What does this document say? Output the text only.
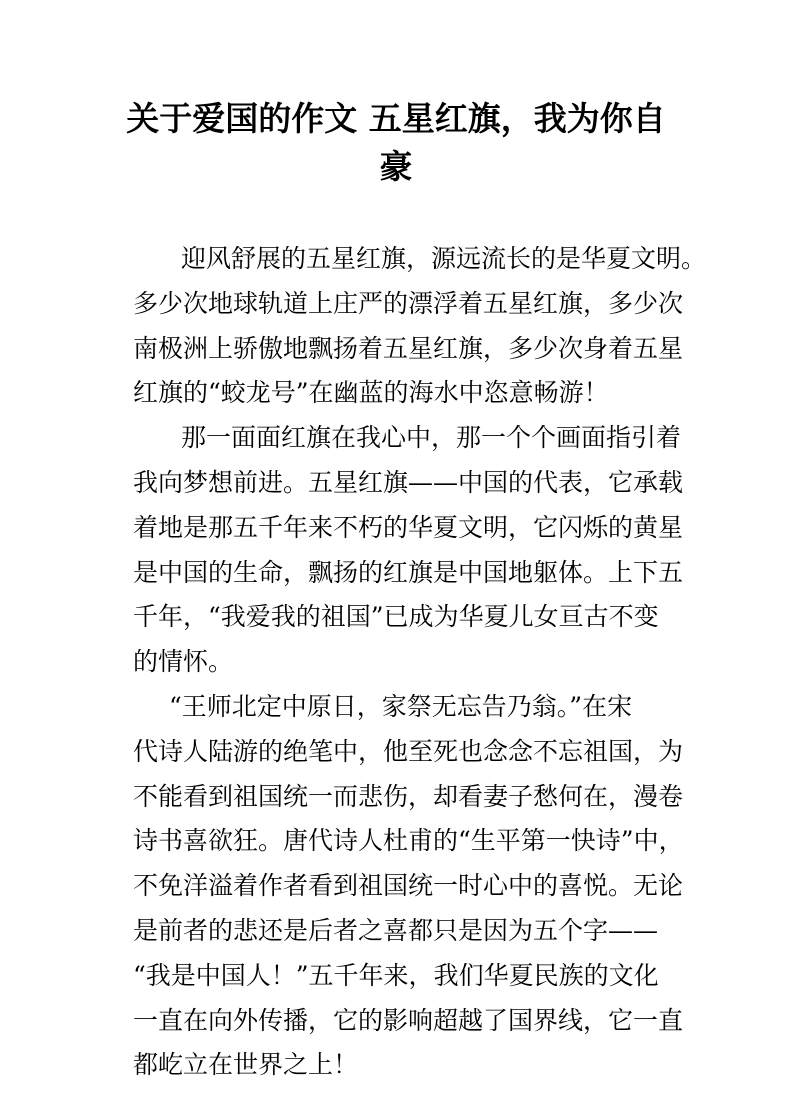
关于爱国的作文 五星红旗，我为你自
豪
迎风舒展的五星红旗，源远流长的是华夏文明。
多少次地球轨道上庄严的漂浮着五星红旗，多少次
南极洲上骄傲地飘扬着五星红旗，多少次身着五星
红旗的“蛟龙号”在幽蓝的海水中恣意畅游！
那一面面红旗在我心中，那一个个画面指引着
我向梦想前进。五星红旗——中国的代表，它承载
着地是那五千年来不朽的华夏文明，它闪烁的黄星
是中国的生命，飘扬的红旗是中国地躯体。上下五
千年，“我爱我的祖国”已成为华夏儿女亘古不变
的情怀。
“王师北定中原日，家祭无忘告乃翁。”在宋
代诗人陆游的绝笔中，他至死也念念不忘祖国，为
不能看到祖国统一而悲伤，却看妻子愁何在，漫卷
诗书喜欲狂。唐代诗人杜甫的“生平第一快诗”中，
不免洋溢着作者看到祖国统一时心中的喜悦。无论
是前者的悲还是后者之喜都只是因为五个字——
“我是中国人！”五千年来，我们华夏民族的文化
一直在向外传播，它的影响超越了国界线，它一直
都屹立在世界之上！
